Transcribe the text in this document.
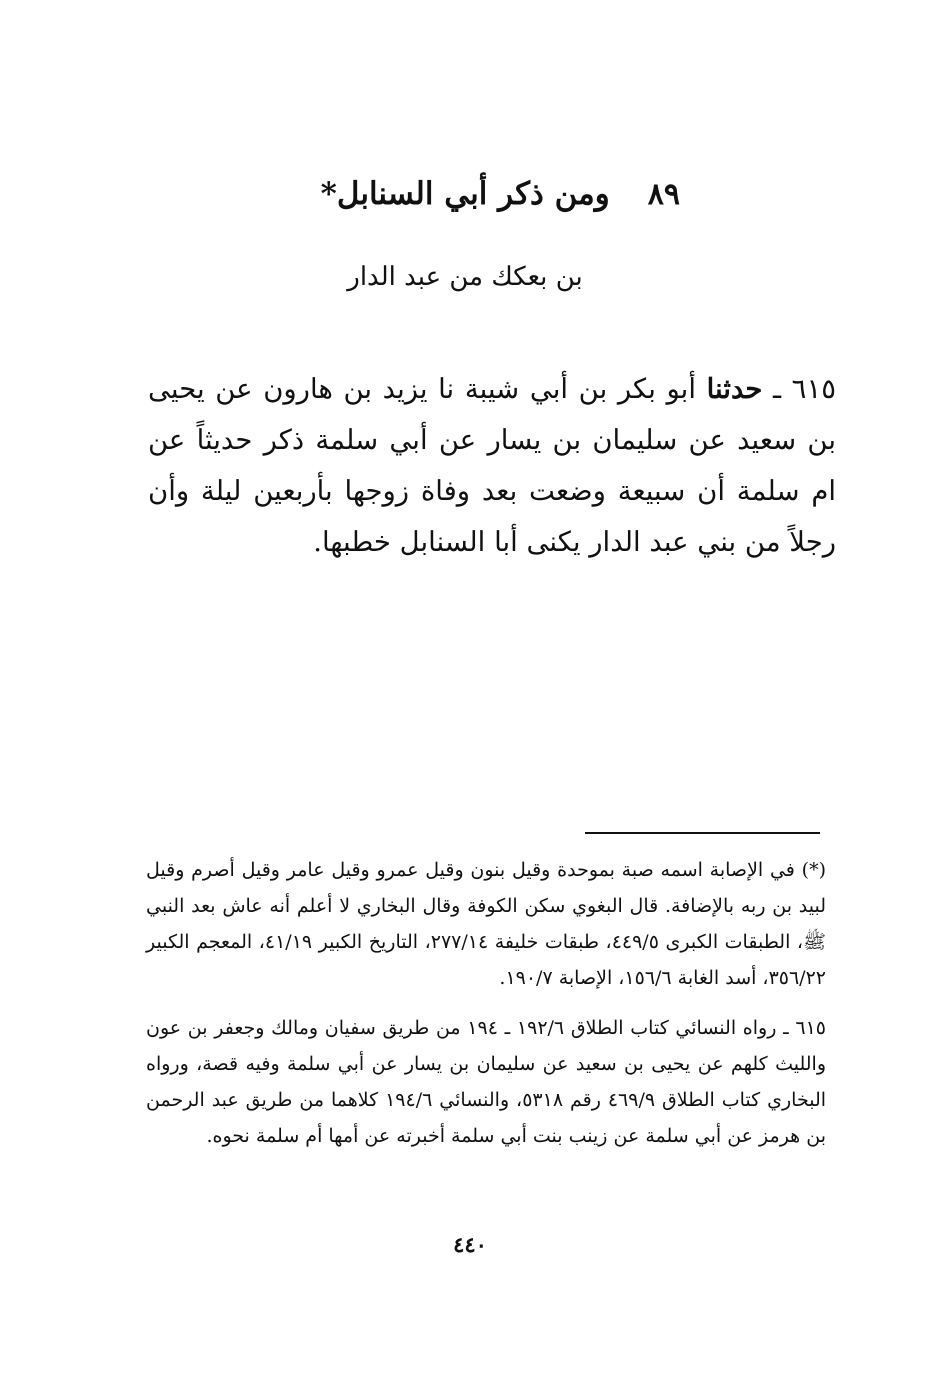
٨٩
ومن ذكر أبي السنابل*
بن بعكك من عبد الدار
٦١٥ ـ حدثنا أبو بكر بن أبي شيبة نا يزيد بن هارون عن يحيى بن سعيد عن سليمان بن يسار عن أبي سلمة ذكر حديثاً عن ام سلمة أن سبيعة وضعت بعد وفاة زوجها بأربعين ليلة وأن رجلاً من بني عبد الدار يكنى أبا السنابل خطبها.
(*) في الإصابة اسمه صبة بموحدة وقيل بنون وقيل عمرو وقيل عامر وقيل أصرم وقيل لبيد بن ربه بالإضافة. قال البغوي سكن الكوفة وقال البخاري لا أعلم أنه عاش بعد النبي ﷺ، الطبقات الكبرى ٤٤٩/٥، طبقات خليفة ٢٧٧/١٤، التاريخ الكبير ٤١/١٩، المعجم الكبير ٣٥٦/٢٢، أسد الغابة ١٥٦/٦، الإصابة ١٩٠/٧.
٦١٥ ـ رواه النسائي كتاب الطلاق ١٩٢/٦ ـ ١٩٤ من طريق سفيان ومالك وجعفر بن عون والليث كلهم عن يحيى بن سعيد عن سليمان بن يسار عن أبي سلمة وفيه قصة، ورواه البخاري كتاب الطلاق ٤٦٩/٩ رقم ٥٣١٨، والنسائي ١٩٤/٦ كلاهما من طريق عبد الرحمن بن هرمز عن أبي سلمة عن زينب بنت أبي سلمة أخبرته عن أمها أم سلمة نحوه.
٤٤٠
